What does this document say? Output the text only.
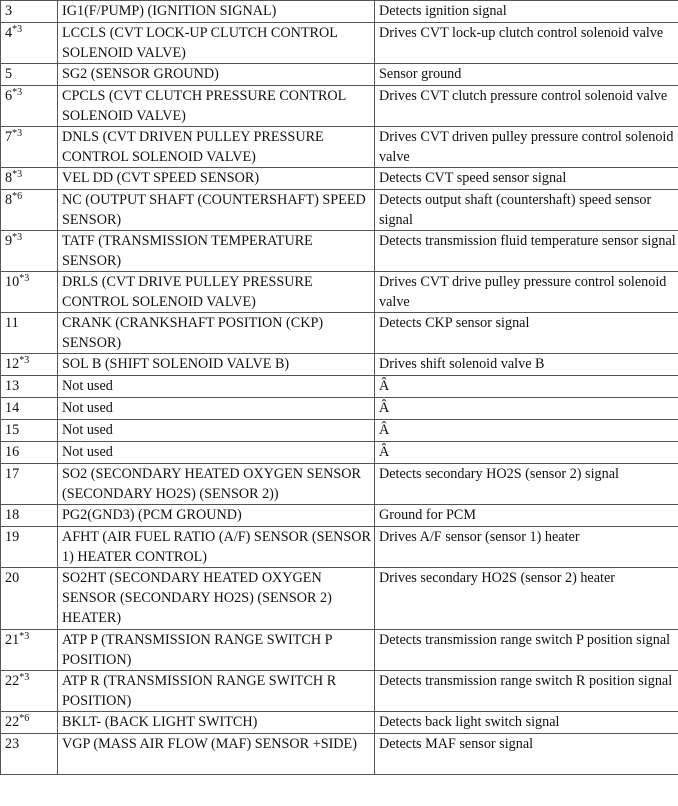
3	IG1(F/PUMP) (IGNITION SIGNAL)	Detects ignition signal
4$^{*3}$	LCCLS (CVT LOCK-UP CLUTCH CONTROL SOLENOID VALVE)	Drives CVT lock-up clutch control solenoid valve
5	SG2 (SENSOR GROUND)	Sensor ground
6$^{*3}$	CPCLS (CVT CLUTCH PRESSURE CONTROL SOLENOID VALVE)	Drives CVT clutch pressure control solenoid valve
7$^{*3}$	DNLS (CVT DRIVEN PULLEY PRESSURE CONTROL SOLENOID VALVE)	Drives CVT driven pulley pressure control solenoid valve
8$^{*3}$	VEL DD (CVT SPEED SENSOR)	Detects CVT speed sensor signal
8$^{*6}$	NC (OUTPUT SHAFT (COUNTERSHAFT) SPEED SENSOR)	Detects output shaft (countershaft) speed sensor signal
9$^{*3}$	TATF (TRANSMISSION TEMPERATURE SENSOR)	Detects transmission fluid temperature sensor signal
10$^{*3}$	DRLS (CVT DRIVE PULLEY PRESSURE CONTROL SOLENOID VALVE)	Drives CVT drive pulley pressure control solenoid valve
11	CRANK (CRANKSHAFT POSITION (CKP) SENSOR)	Detects CKP sensor signal
12$^{*3}$	SOL B (SHIFT SOLENOID VALVE B)	Drives shift solenoid valve B
13	Not used	Â
14	Not used	Â
15	Not used	Â
16	Not used	Â
17	SO2 (SECONDARY HEATED OXYGEN SENSOR (SECONDARY HO2S) (SENSOR 2))	Detects secondary HO2S (sensor 2) signal
18	PG2(GND3) (PCM GROUND)	Ground for PCM
19	AFHT (AIR FUEL RATIO (A/F) SENSOR (SENSOR 1) HEATER CONTROL)	Drives A/F sensor (sensor 1) heater
20	SO2HT (SECONDARY HEATED OXYGEN SENSOR (SECONDARY HO2S) (SENSOR 2) HEATER)	Drives secondary HO2S (sensor 2) heater
21$^{*3}$	ATP P (TRANSMISSION RANGE SWITCH P POSITION)	Detects transmission range switch P position signal
22$^{*3}$	ATP R (TRANSMISSION RANGE SWITCH R POSITION)	Detects transmission range switch R position signal
22$^{*6}$	BKLT- (BACK LIGHT SWITCH)	Detects back light switch signal
23	VGP (MASS AIR FLOW (MAF) SENSOR +SIDE)	Detects MAF sensor signal
